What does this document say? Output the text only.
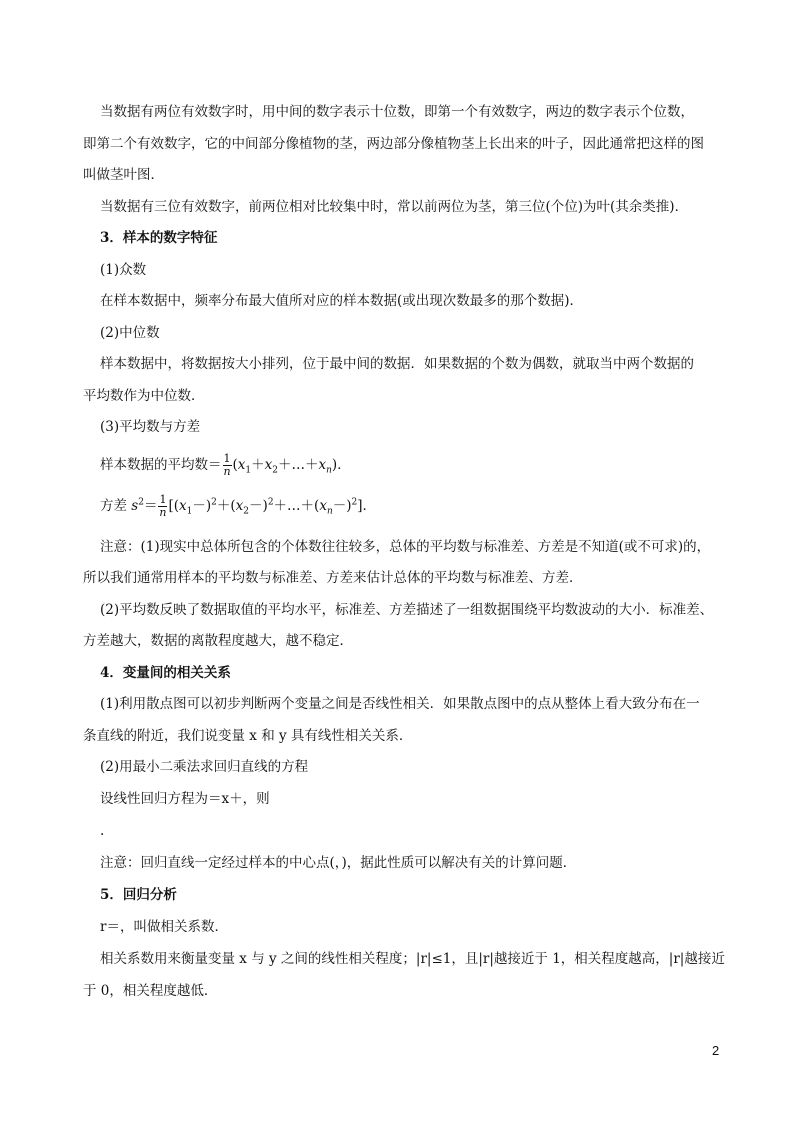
当数据有两位有效数字时，用中间的数字表示十位数，即第一个有效数字，两边的数字表示个位数，
即第二个有效数字，它的中间部分像植物的茎，两边部分像植物茎上长出来的叶子，因此通常把这样的图
叫做茎叶图．
当数据有三位有效数字，前两位相对比较集中时，常以前两位为茎，第三位(个位)为叶(其余类推)．
3．样本的数字特征
(1)众数
在样本数据中，频率分布最大值所对应的样本数据(或出现次数最多的那个数据)．
(2)中位数
样本数据中，将数据按大小排列，位于最中间的数据．如果数据的个数为偶数，就取当中两个数据的
平均数作为中位数．
(3)平均数与方差
样本数据的平均数＝ $\frac{1}{n}$ $(x_1+x_2+\dots+x_n)$．
方差 $s^2= \frac{1}{n}$ $[(x_1-)^2+(x_2-)^2+\dots+(x_n-)^2]$．
注意：(1)现实中总体所包含的个体数往往较多，总体的平均数与标准差、方差是不知道(或不可求)的，
所以我们通常用样本的平均数与标准差、方差来估计总体的平均数与标准差、方差．
(2)平均数反映了数据取值的平均水平，标准差、方差描述了一组数据围绕平均数波动的大小．标准差、
方差越大，数据的离散程度越大，越不稳定．
4．变量间的相关关系
(1)利用散点图可以初步判断两个变量之间是否线性相关．如果散点图中的点从整体上看大致分布在一
条直线的附近，我们说变量 x 和 y 具有线性相关关系．
(2)用最小二乘法求回归直线的方程
设线性回归方程为＝x＋，则
.
注意：回归直线一定经过样本的中心点(，)，据此性质可以解决有关的计算问题．
5．回归分析
r＝，叫做相关系数．
相关系数用来衡量变量 x 与 y 之间的线性相关程度；|r|≤1，且|r|越接近于 1，相关程度越高，|r|越接近
于 0，相关程度越低．
2
